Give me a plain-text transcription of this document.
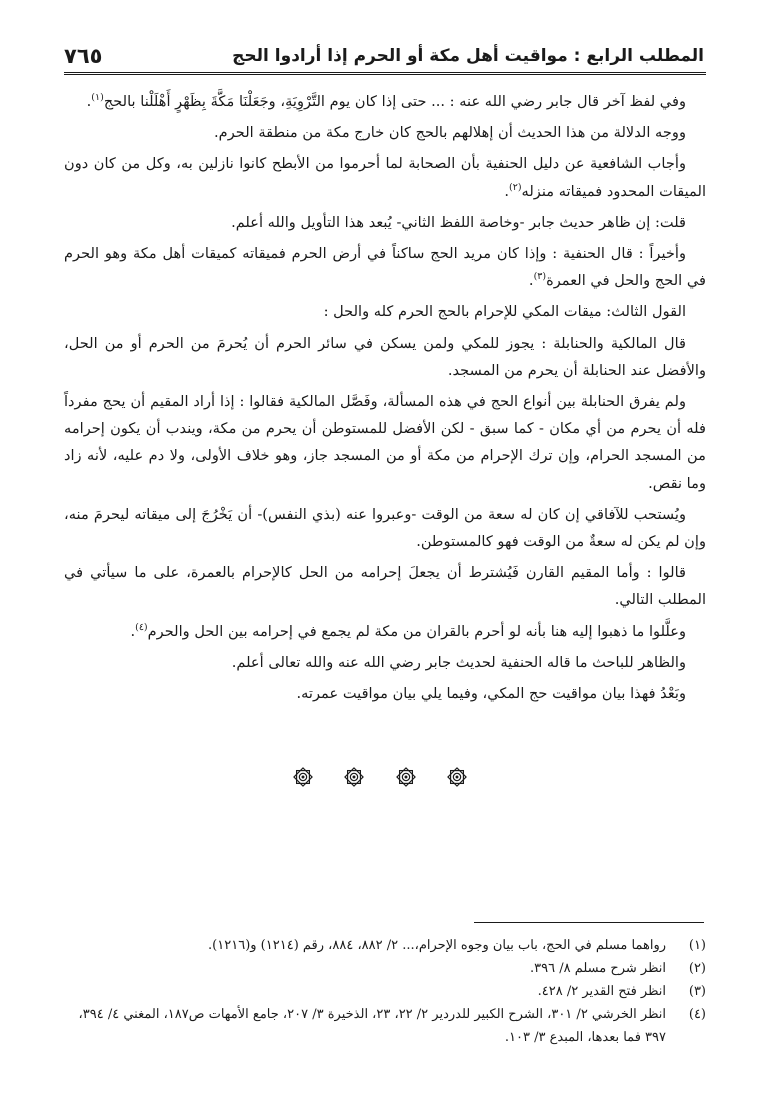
المطلب الرابع : مواقيت أهل مكة أو الحرم إذا أرادوا الحج
٧٦٥

وفي لفظ آخر قال جابر رضي الله عنه : ... حتى إذا كان يوم التَّرْوِيَةِ، وجَعَلْنَا مَكَّةَ بِظَهْرٍ أَهْلَلْنا بالحج$^{(١)}$.

ووجه الدلالة من هذا الحديث أن إهلالهم بالحج كان خارج مكة من منطقة الحرم.

وأجاب الشافعية عن دليل الحنفية بأن الصحابة لما أحرموا من الأبطح كانوا نازلين به، وكل من كان دون الميقات المحدود فميقاته منزله$^{(٢)}$.

قلت: إن ظاهر حديث جابر -وخاصة اللفظ الثاني- يُبعد هذا التأويل والله أعلم.

وأخيراً : قال الحنفية : وإذا كان مريد الحج ساكناً في أرض الحرم فميقاته كميقات أهل مكة وهو الحرم في الحج والحل في العمرة$^{(٣)}$.

القول الثالث: ميقات المكي للإحرام بالحج الحرم كله والحل :

قال المالكية والحنابلة : يجوز للمكي ولمن يسكن في سائر الحرم أن يُحرمَ من الحرم أو من الحل، والأفضل عند الحنابلة أن يحرم من المسجد.

ولم يفرق الحنابلة بين أنواع الحج في هذه المسألة، وفَصَّل المالكية فقالوا : إذا أراد المقيم أن يحج مفرداً فله أن يحرم من أي مكان - كما سبق - لكن الأفضل للمستوطن أن يحرم من مكة، ويندب أن يكون إحرامه من المسجد الحرام، وإن ترك الإحرام من مكة أو من المسجد جاز، وهو خلاف الأولى، ولا دم عليه، لأنه زاد وما نقص.

ويُستحب للآفاقي إن كان له سعة من الوقت -وعبروا عنه (بذي النفس)- أن يَخْرُجَ إلى ميقاته ليحرمَ منه، وإن لم يكن له سعةٌ من الوقت فهو كالمستوطن.

قالوا : وأما المقيم القارن فَيُشترط أن يجعلَ إحرامه من الحل كالإحرام بالعمرة، على ما سيأتي في المطلب التالي.

وعلَّلوا ما ذهبوا إليه هنا بأنه لو أحرم بالقران من مكة لم يجمع في إحرامه بين الحل والحرم$^{(٤)}$.

والظاهر للباحث ما قاله الحنفية لحديث جابر رضي الله عنه والله تعالى أعلم.

وبَعْدُ فهذا بيان مواقيت حج المكي، وفيما يلي بيان مواقيت عمرته.

(١)
رواهما مسلم في الحج، باب بيان وجوه الإحرام،... ٢/ ٨٨٢، ٨٨٤، رقم (١٢١٤) و(١٢١٦).
(٢)
انظر شرح مسلم ٨/ ٣٩٦.
(٣)
انظر فتح القدير ٢/ ٤٢٨.
(٤)
انظر الخرشي ٢/ ٣٠١، الشرح الكبير للدردير ٢/ ٢٢، ٢٣، الذخيرة ٣/ ٢٠٧، جامع الأمهات ص١٨٧، المغني ٤/ ٣٩٤، ٣٩٧ فما بعدها، المبدع ٣/ ١٠٣.
